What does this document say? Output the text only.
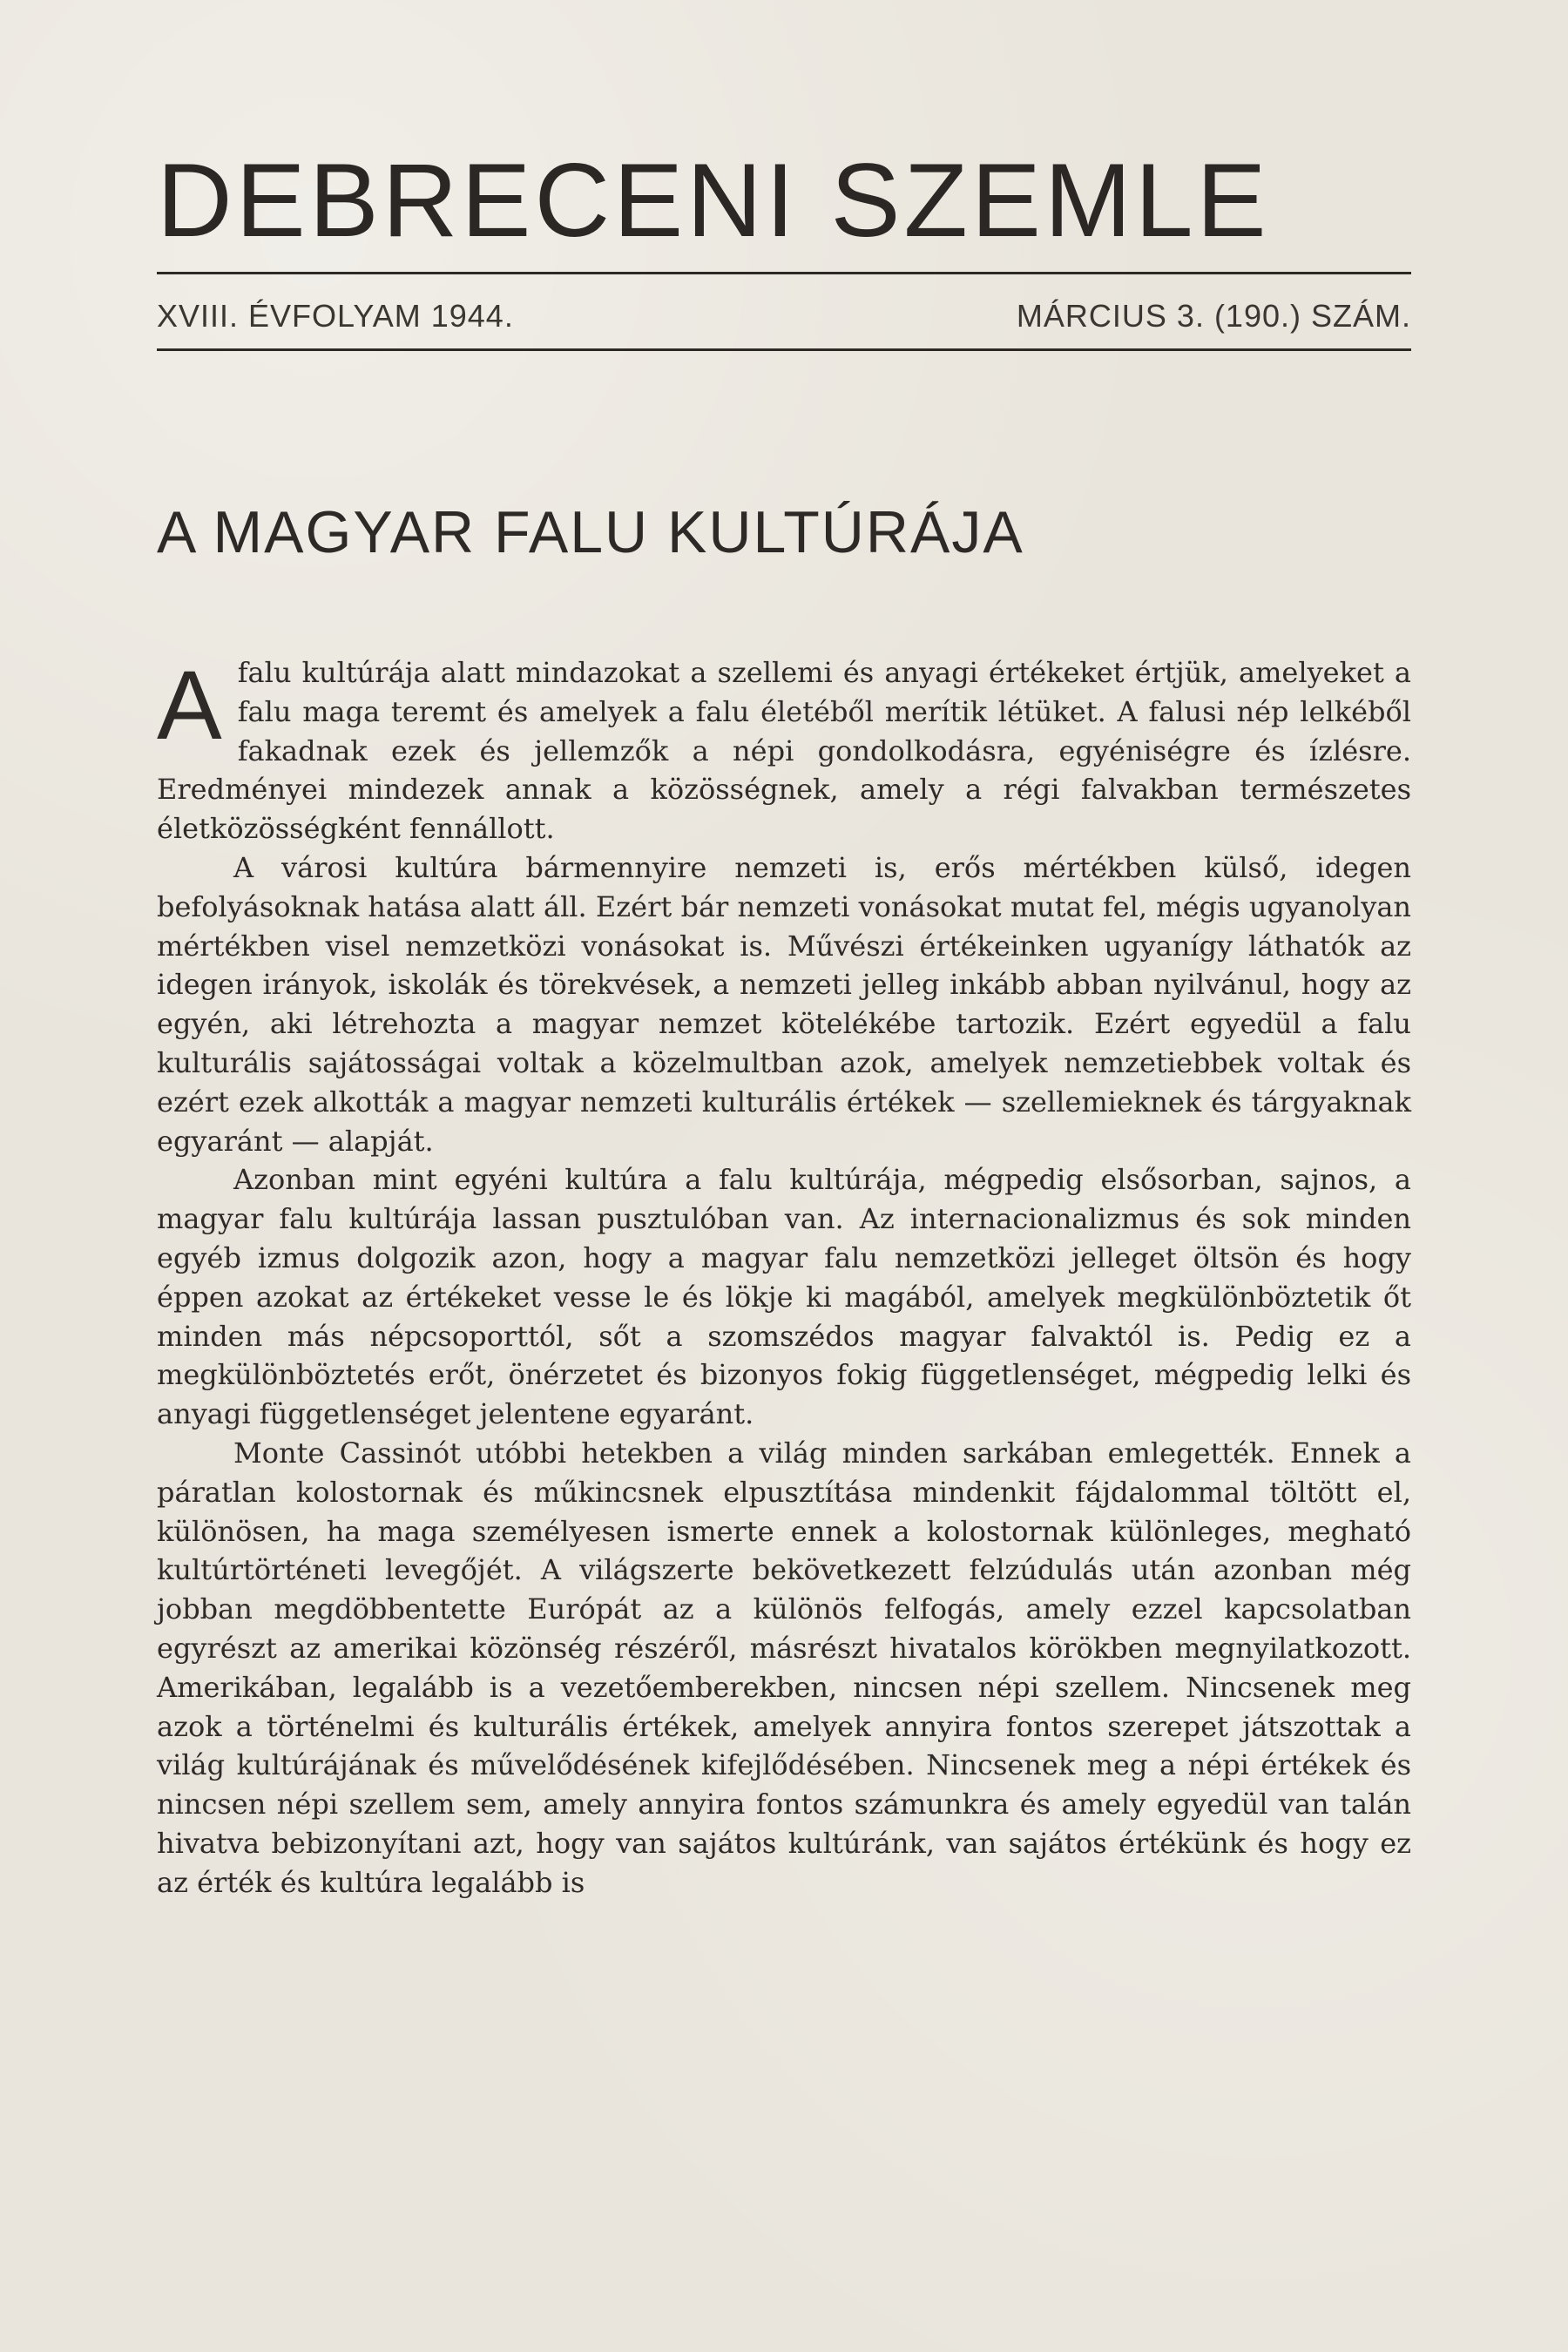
DEBRECENI SZEMLE
XVIII. ÉVFOLYAM 1944.	MÁRCIUS 3. (190.) SZÁM.
A MAGYAR FALU KULTÚRÁJA

A falu kultúrája alatt mindazokat a szellemi és anyagi értékeket értjük, amelyeket a falu maga teremt és amelyek a falu életéből merítik létüket. A falusi nép lelkéből fakadnak ezek és jellemzők a népi gondolkodásra, egyéniségre és ízlésre. Eredményei mindezek annak a közösségnek, amely a régi falvakban természetes életközösségként fennállott.

A városi kultúra bármennyire nemzeti is, erős mértékben külső, idegen befolyásoknak hatása alatt áll. Ezért bár nemzeti vonásokat mutat fel, mégis ugyanolyan mértékben visel nemzetközi vonásokat is. Művészi értékeinken ugyanígy láthatók az idegen irányok, iskolák és törekvések, a nemzeti jelleg inkább abban nyilvánul, hogy az egyén, aki létrehozta a magyar nemzet kötelékébe tartozik. Ezért egyedül a falu kulturális sajátosságai voltak a közelmultban azok, amelyek nemzetiebbek voltak és ezért ezek alkották a magyar nemzeti kulturális értékek — szellemieknek és tárgyaknak egyaránt — alapját.

Azonban mint egyéni kultúra a falu kultúrája, mégpedig elsősorban, sajnos, a magyar falu kultúrája lassan pusztulóban van. Az internacionalizmus és sok minden egyéb izmus dolgozik azon, hogy a magyar falu nemzetközi jelleget öltsön és hogy éppen azokat az értékeket vesse le és lökje ki magából, amelyek megkülönböztetik őt minden más népcsoporttól, sőt a szomszédos magyar falvaktól is. Pedig ez a megkülönböztetés erőt, önérzetet és bizonyos fokig függetlenséget, mégpedig lelki és anyagi függetlenséget jelentene egyaránt.

Monte Cassinót utóbbi hetekben a világ minden sarkában emlegették. Ennek a páratlan kolostornak és műkincsnek elpusztítása mindenkit fájdalommal töltött el, különösen, ha maga személyesen ismerte ennek a kolostornak különleges, megható kultúrtörténeti levegőjét. A világszerte bekövetkezett felzúdulás után azonban még jobban megdöbbentette Európát az a különös felfogás, amely ezzel kapcsolatban egyrészt az amerikai közönség részéről, másrészt hivatalos körökben megnyilatkozott. Amerikában, legalább is a vezetőemberekben, nincsen népi szellem. Nincsenek meg azok a történelmi és kulturális értékek, amelyek annyira fontos szerepet játszottak a világ kultúrájának és művelődésének kifejlődésében. Nincsenek meg a népi értékek és nincsen népi szellem sem, amely annyira fontos számunkra és amely egyedül van talán hivatva bebizonyítani azt, hogy van sajátos kultúránk, van sajátos értékünk és hogy ez az érték és kultúra legalább is
